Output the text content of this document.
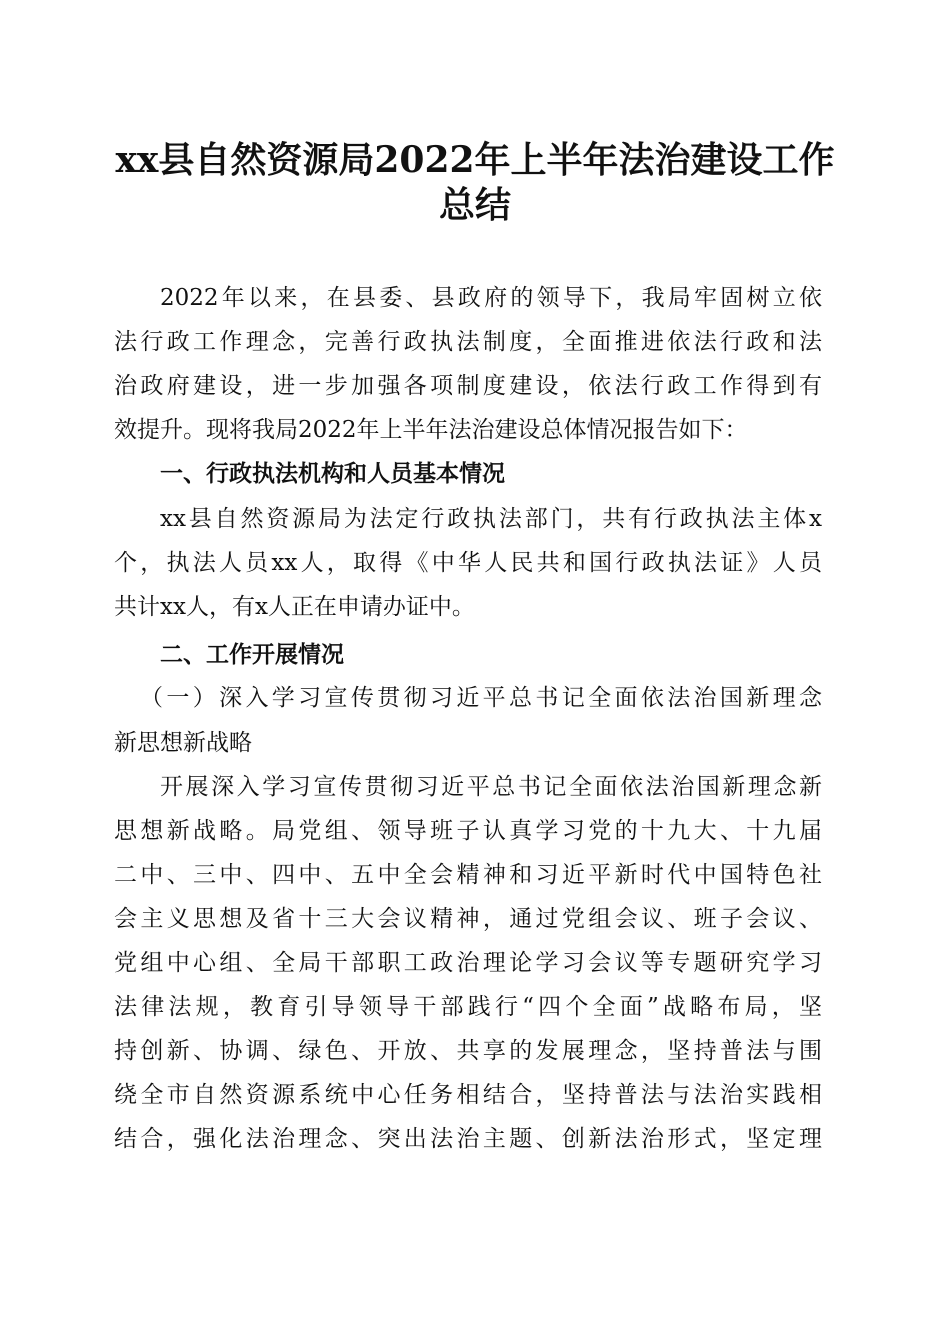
xx县自然资源局2022年上半年法治建设工作
总结
2022年以来，在县委、县政府的领导下，我局牢固树立依
法行政工作理念，完善行政执法制度，全面推进依法行政和法
治政府建设，进一步加强各项制度建设，依法行政工作得到有
效提升。现将我局2022年上半年法治建设总体情况报告如下：
一、行政执法机构和人员基本情况
xx县自然资源局为法定行政执法部门，共有行政执法主体x
个，执法人员xx人，取得《中华人民共和国行政执法证》人员
共计xx人，有x人正在申请办证中。
二、工作开展情况
（一）深入学习宣传贯彻习近平总书记全面依法治国新理念
新思想新战略
开展深入学习宣传贯彻习近平总书记全面依法治国新理念新
思想新战略。局党组、领导班子认真学习党的十九大、十九届
二中、三中、四中、五中全会精神和习近平新时代中国特色社
会主义思想及省十三大会议精神，通过党组会议、班子会议、
党组中心组、全局干部职工政治理论学习会议等专题研究学习
法律法规，教育引导领导干部践行“四个全面”战略布局，坚
持创新、协调、绿色、开放、共享的发展理念，坚持普法与围
绕全市自然资源系统中心任务相结合，坚持普法与法治实践相
结合，强化法治理念、突出法治主题、创新法治形式，坚定理
